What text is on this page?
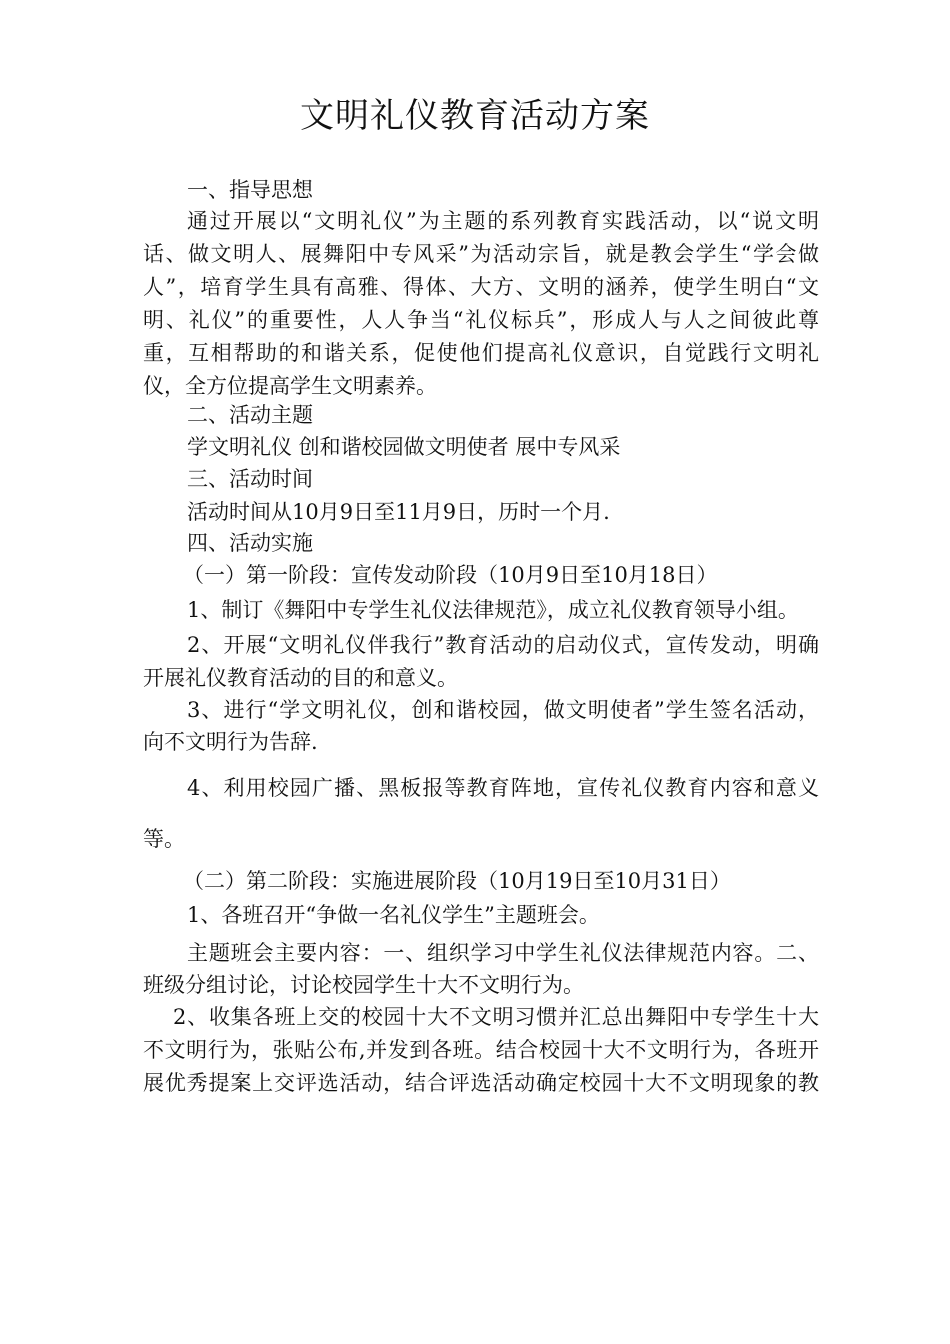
文明礼仪教育活动方案
一、指导思想
通过开展以“文明礼仪”为主题的系列教育实践活动，以“说文明
话、做文明人、展舞阳中专风采”为活动宗旨，就是教会学生“学会做
人”，培育学生具有高雅、得体、大方、文明的涵养，使学生明白“文
明、礼仪”的重要性，人人争当“礼仪标兵”，形成人与人之间彼此尊
重，互相帮助的和谐关系，促使他们提高礼仪意识，自觉践行文明礼
仪，全方位提高学生文明素养。
二、活动主题
学文明礼仪 创和谐校园做文明使者 展中专风采
三、活动时间
活动时间从10月9日至11月9日，历时一个月.
四、活动实施
（一）第一阶段：宣传发动阶段（10月9日至10月18日）
1、制订《舞阳中专学生礼仪法律规范》，成立礼仪教育领导小组。
2、开展“文明礼仪伴我行”教育活动的启动仪式，宣传发动，明确
开展礼仪教育活动的目的和意义。
3、进行“学文明礼仪，创和谐校园，做文明使者”学生签名活动，
向不文明行为告辞.
4、利用校园广播、黑板报等教育阵地，宣传礼仪教育内容和意义
等。
（二）第二阶段：实施进展阶段（10月19日至10月31日）
1、各班召开“争做一名礼仪学生”主题班会。
主题班会主要内容：一、组织学习中学生礼仪法律规范内容。二、
班级分组讨论，讨论校园学生十大不文明行为。
2、收集各班上交的校园十大不文明习惯并汇总出舞阳中专学生十大
不文明行为，张贴公布,并发到各班。结合校园十大不文明行为，各班开
展优秀提案上交评选活动，结合评选活动确定校园十大不文明现象的教
